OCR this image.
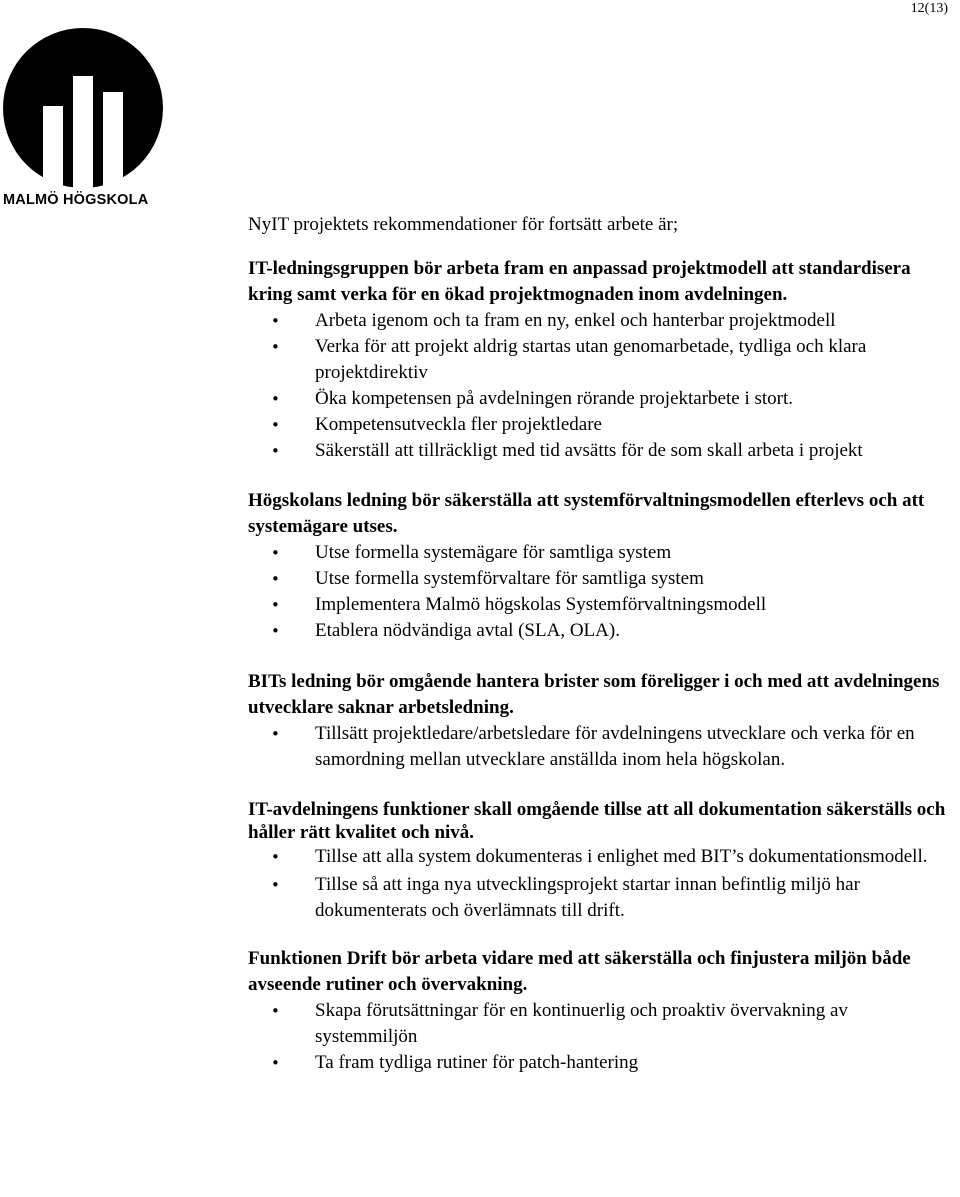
12(13)
MALMÖ HÖGSKOLA

NyIT projektets rekommendationer för fortsätt arbete är;

IT-ledningsgruppen bör arbeta fram en anpassad projektmodell att standardisera kring samt verka för en ökad projektmognaden inom avdelningen.

• Arbeta igenom och ta fram en ny, enkel och hanterbar projektmodell
• Verka för att projekt aldrig startas utan genomarbetade, tydliga och klara projektdirektiv
• Öka kompetensen på avdelningen rörande projektarbete i stort.
• Kompetensutveckla fler projektledare
• Säkerställ att tillräckligt med tid avsätts för de som skall arbeta i projekt

Högskolans ledning bör säkerställa att systemförvaltningsmodellen efterlevs och att systemägare utses.

• Utse formella systemägare för samtliga system
• Utse formella systemförvaltare för samtliga system
• Implementera Malmö högskolas Systemförvaltningsmodell
• Etablera nödvändiga avtal (SLA, OLA).

BITs ledning bör omgående hantera brister som föreligger i och med att avdelningens utvecklare saknar arbetsledning.

• Tillsätt projektledare/arbetsledare för avdelningens utvecklare och verka för en samordning mellan utvecklare anställda inom hela högskolan.

IT-avdelningens funktioner skall omgående tillse att all dokumentation säkerställs och håller rätt kvalitet och nivå.

• Tillse att alla system dokumenteras i enlighet med BIT’s dokumentationsmodell.
• Tillse så att inga nya utvecklingsprojekt startar innan befintlig miljö har dokumenterats och överlämnats till drift.

Funktionen Drift bör arbeta vidare med att säkerställa och finjustera miljön både avseende rutiner och övervakning.

• Skapa förutsättningar för en kontinuerlig och proaktiv övervakning av systemmiljön
• Ta fram tydliga rutiner för patch-hantering
